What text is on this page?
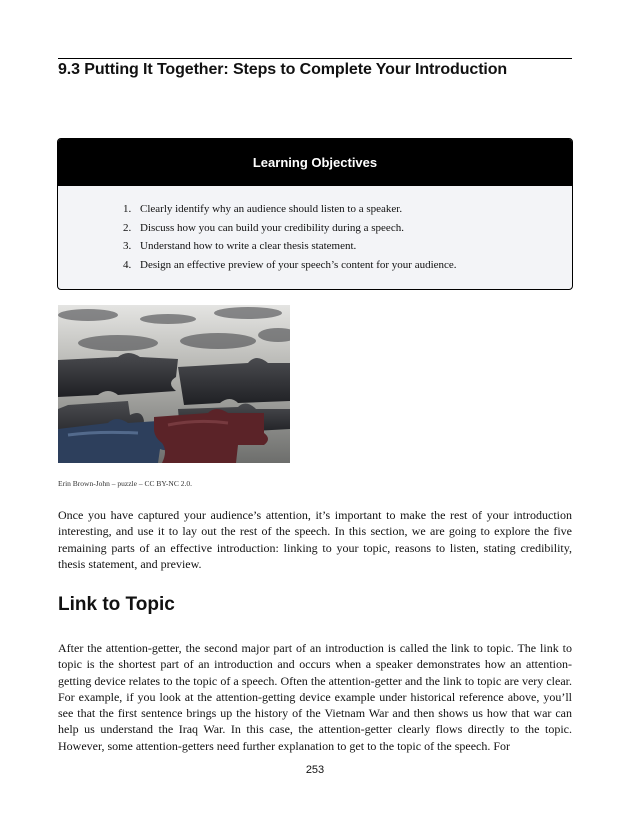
9.3 Putting It Together: Steps to Complete Your Introduction
Learning Objectives
1. Clearly identify why an audience should listen to a speaker.
2. Discuss how you can build your credibility during a speech.
3. Understand how to write a clear thesis statement.
4. Design an effective preview of your speech’s content for your audience.
Erin Brown-John – puzzle – CC BY-NC 2.0.

Once you have captured your audience’s attention, it’s important to make the rest of your introduction interesting, and use it to lay out the rest of the speech. In this section, we are going to explore the five remaining parts of an effective introduction: linking to your topic, reasons to listen, stating credibility, thesis statement, and preview.

Link to Topic

After the attention-getter, the second major part of an introduction is called the link to topic. The link to topic is the shortest part of an introduction and occurs when a speaker demonstrates how an attention-getting device relates to the topic of a speech. Often the attention-getter and the link to topic are very clear. For example, if you look at the attention-getting device example under historical reference above, you’ll see that the first sentence brings up the history of the Vietnam War and then shows us how that war can help us understand the Iraq War. In this case, the attention-getter clearly flows directly to the topic. However, some attention-getters need further explanation to get to the topic of the speech. For

253
